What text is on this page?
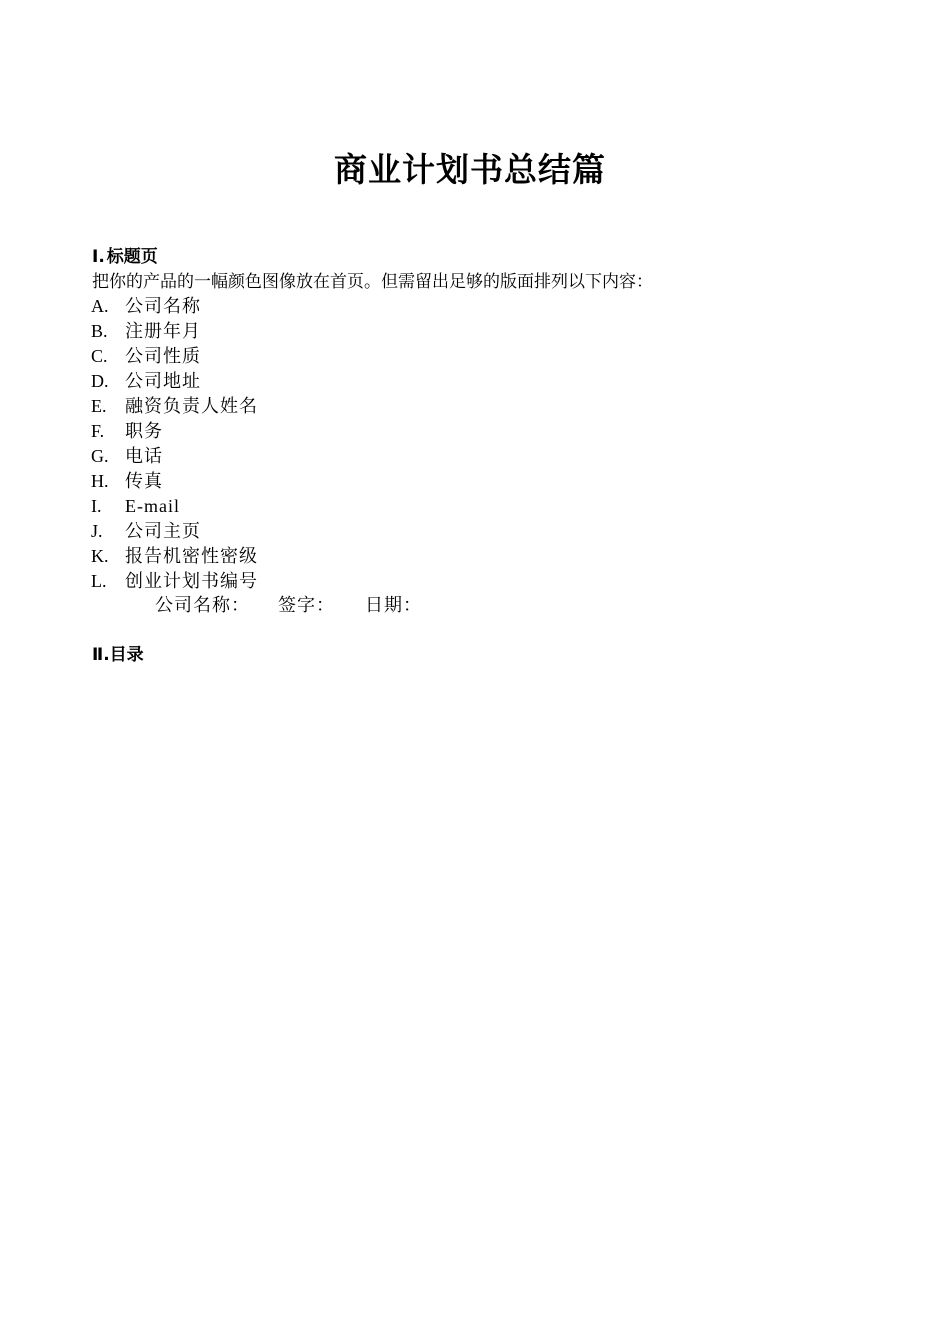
商业计划书总结篇
Ⅰ. 标题页
把你的产品的一幅颜色图像放在首页。但需留出足够的版面排列以下内容：
A. 公司名称
B. 注册年月
C. 公司性质
D. 公司地址
E.	融资负责人姓名
F.	职务
G. 电话
H. 传真
I.	E-mail
J.	公司主页
K. 报告机密性密级
L.	创业计划书编号
公司名称：	签字：	日期：
Ⅱ.目录
